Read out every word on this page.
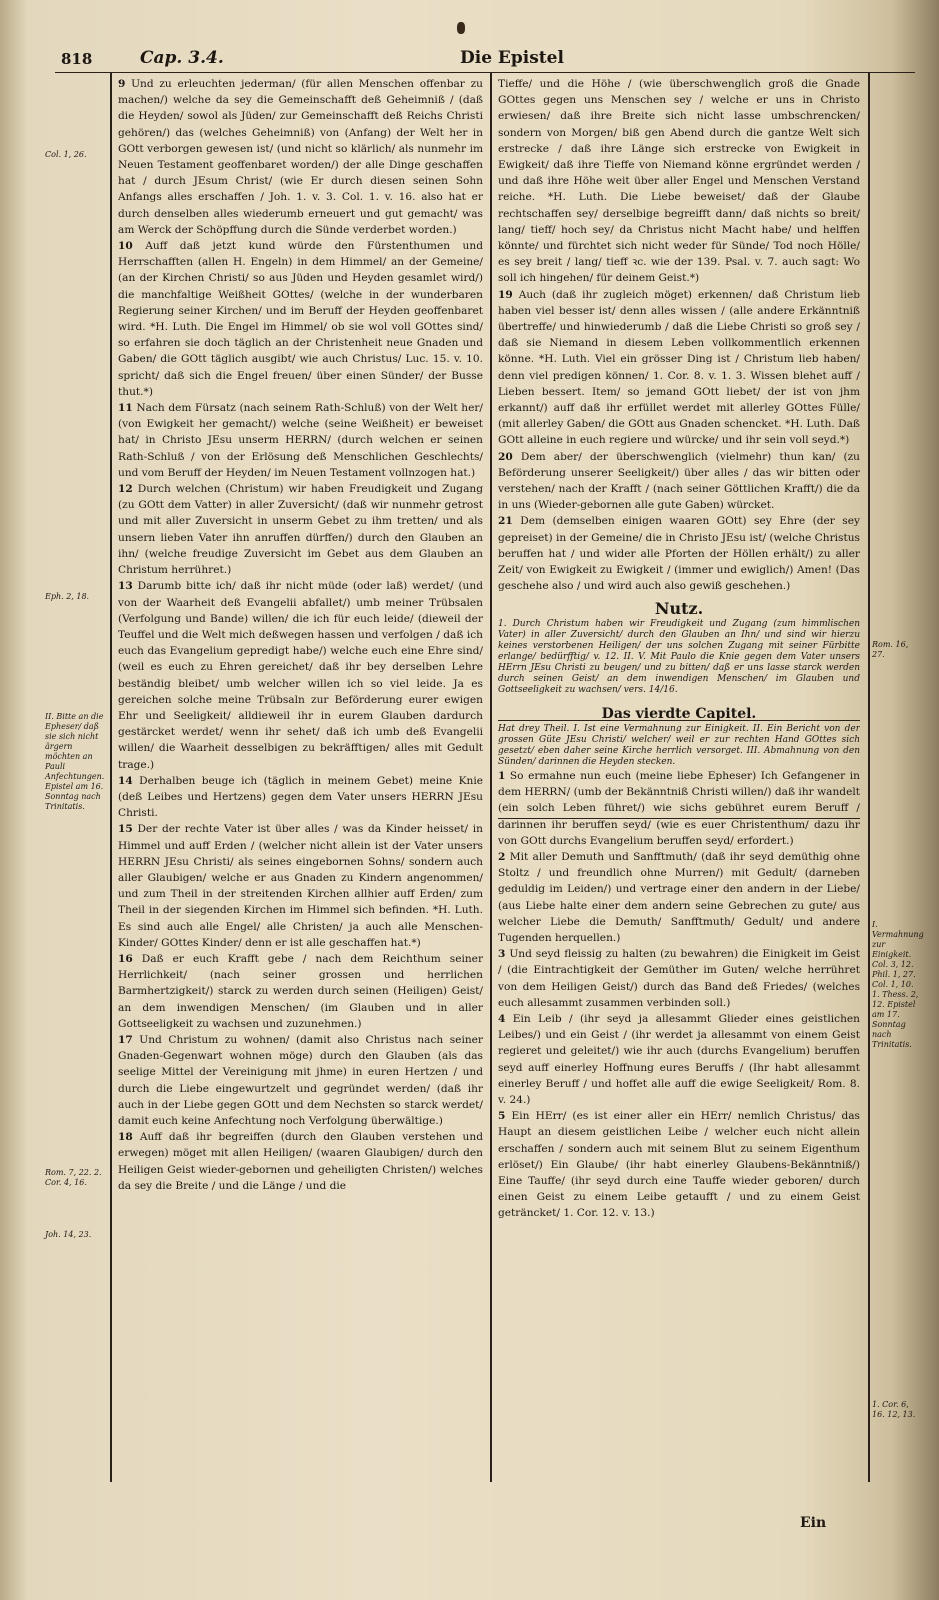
818	Cap. 3.4.	Die Epistel
Col. 1, 26.
Eph. 2, 18.
II. Bitte an die Epheser/ daß sie sich nicht ärgern möchten an Pauli Anfechtungen. Epistel am 16. Sonntag nach Trinitatis.
Rom. 7, 22. 2. Cor. 4, 16.
Joh. 14, 23.
Rom. 16, 27.
I. Vermahnung zur Einigkeit. Col. 3, 12. Phil. 1, 27. Col. 1, 10. 1. Thess. 2, 12. Epistel am 17. Sonntag nach Trinitatis.
1. Cor. 6, 16. 12, 13.

9 Und zu erleuchten jederman/ (für allen Menschen offenbar zu machen/) welche da sey die Gemeinschafft deß Geheimniß / (daß die Heyden/ sowol als Jüden/ zur Gemeinschafft deß Reichs Christi gehören/) das (welches Geheimniß) von (Anfang) der Welt her in GOtt verborgen gewesen ist/ (und nicht so klärlich/ als nunmehr im Neuen Testament geoffenbaret worden/) der alle Dinge geschaffen hat / durch JEsum Christ/ (wie Er durch diesen seinen Sohn Anfangs alles erschaffen / Joh. 1. v. 3. Col. 1. v. 16. also hat er durch denselben alles wiederumb erneuert und gut gemacht/ was am Werck der Schöpffung durch die Sünde verderbet worden.)

10 Auff daß jetzt kund würde den Fürstenthumen und Herrschafften (allen H. Engeln) in dem Himmel/ an der Gemeine/ (an der Kirchen Christi/ so aus Jüden und Heyden gesamlet wird/) die manchfaltige Weißheit GOttes/ (welche in der wunderbaren Regierung seiner Kirchen/ und im Beruff der Heyden geoffenbaret wird. *H. Luth. Die Engel im Himmel/ ob sie wol voll GOttes sind/ so erfahren sie doch täglich an der Christenheit neue Gnaden und Gaben/ die GOtt täglich ausgibt/ wie auch Christus/ Luc. 15. v. 10. spricht/ daß sich die Engel freuen/ über einen Sünder/ der Busse thut.*)

11 Nach dem Fürsatz (nach seinem Rath-Schluß) von der Welt her/ (von Ewigkeit her gemacht/) welche (seine Weißheit) er beweiset hat/ in Christo JEsu unserm HERRN/ (durch welchen er seinen Rath-Schluß / von der Erlösung deß Menschlichen Geschlechts/ und vom Beruff der Heyden/ im Neuen Testament vollnzogen hat.)

12 Durch welchen (Christum) wir haben Freudigkeit und Zugang (zu GOtt dem Vatter) in aller Zuversicht/ (daß wir nunmehr getrost und mit aller Zuversicht in unserm Gebet zu ihm tretten/ und als unsern lieben Vater ihn anruffen dürffen/) durch den Glauben an ihn/ (welche freudige Zuversicht im Gebet aus dem Glauben an Christum herrühret.)

13 Darumb bitte ich/ daß ihr nicht müde (oder laß) werdet/ (und von der Waarheit deß Evangelii abfallet/) umb meiner Trübsalen (Verfolgung und Bande) willen/ die ich für euch leide/ (dieweil der Teuffel und die Welt mich deßwegen hassen und verfolgen / daß ich euch das Evangelium gepredigt habe/) welche euch eine Ehre sind/ (weil es euch zu Ehren gereichet/ daß ihr bey derselben Lehre beständig bleibet/ umb welcher willen ich so viel leide. Ja es gereichen solche meine Trübsaln zur Beförderung eurer ewigen Ehr und Seeligkeit/ alldieweil ihr in eurem Glauben dardurch gestärcket werdet/ wenn ihr sehet/ daß ich umb deß Evangelii willen/ die Waarheit desselbigen zu bekräfftigen/ alles mit Gedult trage.)

14 Derhalben beuge ich (täglich in meinem Gebet) meine Knie (deß Leibes und Hertzens) gegen dem Vater unsers HERRN JEsu Christi.

15 Der der rechte Vater ist über alles / was da Kinder heisset/ in Himmel und auff Erden / (welcher nicht allein ist der Vater unsers HERRN JEsu Christi/ als seines eingebornen Sohns/ sondern auch aller Glaubigen/ welche er aus Gnaden zu Kindern angenommen/ und zum Theil in der streitenden Kirchen allhier auff Erden/ zum Theil in der siegenden Kirchen im Himmel sich befinden. *H. Luth. Es sind auch alle Engel/ alle Christen/ ja auch alle Menschen-Kinder/ GOttes Kinder/ denn er ist alle geschaffen hat.*)

16 Daß er euch Krafft gebe / nach dem Reichthum seiner Herrlichkeit/ (nach seiner grossen und herrlichen Barmhertzigkeit/) starck zu werden durch seinen (Heiligen) Geist/ an dem inwendigen Menschen/ (im Glauben und in aller Gottseeligkeit zu wachsen und zuzunehmen.)

17 Und Christum zu wohnen/ (damit also Christus nach seiner Gnaden-Gegenwart wohnen möge) durch den Glauben (als das seelige Mittel der Vereinigung mit jhme) in euren Hertzen / und durch die Liebe eingewurtzelt und gegründet werden/ (daß ihr auch in der Liebe gegen GOtt und dem Nechsten so starck werdet/ damit euch keine Anfechtung noch Verfolgung überwältige.)

18 Auff daß ihr begreiffen (durch den Glauben verstehen und erwegen) möget mit allen Heiligen/ (waaren Glaubigen/ durch den Heiligen Geist wieder-gebornen und geheiligten Christen/) welches da sey die Breite / und die Länge / und die

Tieffe/ und die Höhe / (wie überschwenglich groß die Gnade GOttes gegen uns Menschen sey / welche er uns in Christo erwiesen/ daß ihre Breite sich nicht lasse umbschrencken/ sondern von Morgen/ biß gen Abend durch die gantze Welt sich erstrecke / daß ihre Länge sich erstrecke von Ewigkeit in Ewigkeit/ daß ihre Tieffe von Niemand könne ergründet werden / und daß ihre Höhe weit über aller Engel und Menschen Verstand reiche. *H. Luth. Die Liebe beweiset/ daß der Glaube rechtschaffen sey/ derselbige begreifft dann/ daß nichts so breit/ lang/ tieff/ hoch sey/ da Christus nicht Macht habe/ und helffen könnte/ und fürchtet sich nicht weder für Sünde/ Tod noch Hölle/ es sey breit / lang/ tieff ꝛc. wie der 139. Psal. v. 7. auch sagt: Wo soll ich hingehen/ für deinem Geist.*)

19 Auch (daß ihr zugleich möget) erkennen/ daß Christum lieb haben viel besser ist/ denn alles wissen / (alle andere Erkänntniß übertreffe/ und hinwiederumb / daß die Liebe Christi so groß sey / daß sie Niemand in diesem Leben vollkommentlich erkennen könne. *H. Luth. Viel ein grösser Ding ist / Christum lieb haben/ denn viel predigen können/ 1. Cor. 8. v. 1. 3. Wissen blehet auff / Lieben bessert. Item/ so jemand GOtt liebet/ der ist von jhm erkannt/) auff daß ihr erfüllet werdet mit allerley GOttes Fülle/ (mit allerley Gaben/ die GOtt aus Gnaden schencket. *H. Luth. Daß GOtt alleine in euch regiere und würcke/ und ihr sein voll seyd.*)

20 Dem aber/ der überschwenglich (vielmehr) thun kan/ (zu Beförderung unserer Seeligkeit/) über alles / das wir bitten oder verstehen/ nach der Krafft / (nach seiner Göttlichen Krafft/) die da in uns (Wieder-gebornen alle gute Gaben) würcket.

21 Dem (demselben einigen waaren GOtt) sey Ehre (der sey gepreiset) in der Gemeine/ die in Christo JEsu ist/ (welche Christus beruffen hat / und wider alle Pforten der Höllen erhält/) zu aller Zeit/ von Ewigkeit zu Ewigkeit / (immer und ewiglich/) Amen! (Das geschehe also / und wird auch also gewiß geschehen.)

Nutz.

1. Durch Christum haben wir Freudigkeit und Zugang (zum himmlischen Vater) in aller Zuversicht/ durch den Glauben an Ihn/ und sind wir hierzu keines verstorbenen Heiligen/ der uns solchen Zugang mit seiner Fürbitte erlange/ bedürfftig/ v. 12. II. V. Mit Paulo die Knie gegen dem Vater unsers HErrn JEsu Christi zu beugen/ und zu bitten/ daß er uns lasse starck werden durch seinen Geist/ an dem inwendigen Menschen/ im Glauben und Gottseeligkeit zu wachsen/ vers. 14/16.

Das vierdte Capitel.

Hat drey Theil. I. Ist eine Vermahnung zur Einigkeit. II. Ein Bericht von der grossen Güte JEsu Christi/ welcher/ weil er zur rechten Hand GOttes sich gesetzt/ eben daher seine Kirche herrlich versorget. III. Abmahnung von den Sünden/ darinnen die Heyden stecken.

1 So ermahne nun euch (meine liebe Epheser) Ich Gefangener in dem HERRN/ (umb der Bekänntniß Christi willen/) daß ihr wandelt (ein solch Leben führet/) wie sichs gebühret eurem Beruff / darinnen ihr beruffen seyd/ (wie es euer Christenthum/ dazu ihr von GOtt durchs Evangelium beruffen seyd/ erfordert.)

2 Mit aller Demuth und Sanfftmuth/ (daß ihr seyd demüthig ohne Stoltz / und freundlich ohne Murren/) mit Gedult/ (darneben geduldig im Leiden/) und vertrage einer den andern in der Liebe/ (aus Liebe halte einer dem andern seine Gebrechen zu gute/ aus welcher Liebe die Demuth/ Sanfftmuth/ Gedult/ und andere Tugenden herquellen.)

3 Und seyd fleissig zu halten (zu bewahren) die Einigkeit im Geist / (die Eintrachtigkeit der Gemüther im Guten/ welche herrühret von dem Heiligen Geist/) durch das Band deß Friedes/ (welches euch allesammt zusammen verbinden soll.)

4 Ein Leib / (ihr seyd ja allesammt Glieder eines geistlichen Leibes/) und ein Geist / (ihr werdet ja allesammt von einem Geist regieret und geleitet/) wie ihr auch (durchs Evangelium) beruffen seyd auff einerley Hoffnung eures Beruffs / (Ihr habt allesammt einerley Beruff / und hoffet alle auff die ewige Seeligkeit/ Rom. 8. v. 24.)

5 Ein HErr/ (es ist einer aller ein HErr/ nemlich Christus/ das Haupt an diesem geistlichen Leibe / welcher euch nicht allein erschaffen / sondern auch mit seinem Blut zu seinem Eigenthum erlöset/) Ein Glaube/ (ihr habt einerley Glaubens-Bekänntniß/) Eine Tauffe/ (ihr seyd durch eine Tauffe wieder geboren/ durch einen Geist zu einem Leibe getaufft / und zu einem Geist geträncket/ 1. Cor. 12. v. 13.)

Ein
